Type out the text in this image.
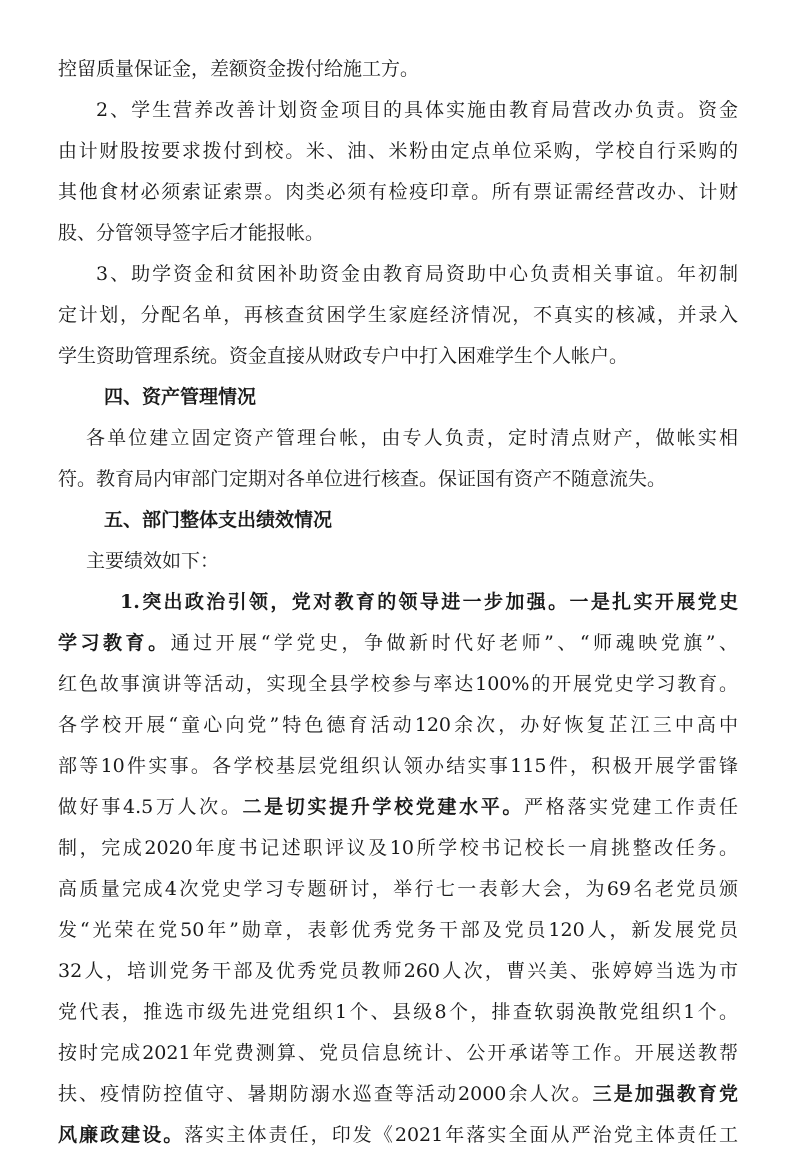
控留质量保证金，差额资金拨付给施工方。
2、学生营养改善计划资金项目的具体实施由教育局营改办负责。资金
由计财股按要求拨付到校。米、油、米粉由定点单位采购，学校自行采购的
其他食材必须索证索票。肉类必须有检疫印章。所有票证需经营改办、计财
股、分管领导签字后才能报帐。
3、助学资金和贫困补助资金由教育局资助中心负责相关事谊。年初制
定计划，分配名单，再核查贫困学生家庭经济情况，不真实的核减，并录入
学生资助管理系统。资金直接从财政专户中打入困难学生个人帐户。
四、资产管理情况
各单位建立固定资产管理台帐，由专人负责，定时清点财产，做帐实相
符。教育局内审部门定期对各单位进行核查。保证国有资产不随意流失。
五、部门整体支出绩效情况
主要绩效如下：
1.突出政治引领，党对教育的领导进一步加强。一是扎实开展党史
学习教育。通过开展“学党史，争做新时代好老师”、“师魂映党旗”、
红色故事演讲等活动，实现全县学校参与率达100%的开展党史学习教育。
各学校开展“童心向党”特色德育活动120余次，办好恢复芷江三中高中
部等10件实事。各学校基层党组织认领办结实事115件，积极开展学雷锋
做好事4.5万人次。二是切实提升学校党建水平。严格落实党建工作责任
制，完成2020年度书记述职评议及10所学校书记校长一肩挑整改任务。
高质量完成4次党史学习专题研讨，举行七一表彰大会，为69名老党员颁
发“光荣在党50年”勋章，表彰优秀党务干部及党员120人，新发展党员
32人，培训党务干部及优秀党员教师260人次，曹兴美、张婷婷当选为市
党代表，推选市级先进党组织1个、县级8个，排查软弱涣散党组织1个。
按时完成2021年党费测算、党员信息统计、公开承诺等工作。开展送教帮
扶、疫情防控值守、暑期防溺水巡查等活动2000余人次。三是加强教育党
风廉政建设。落实主体责任，印发《2021年落实全面从严治党主体责任工
